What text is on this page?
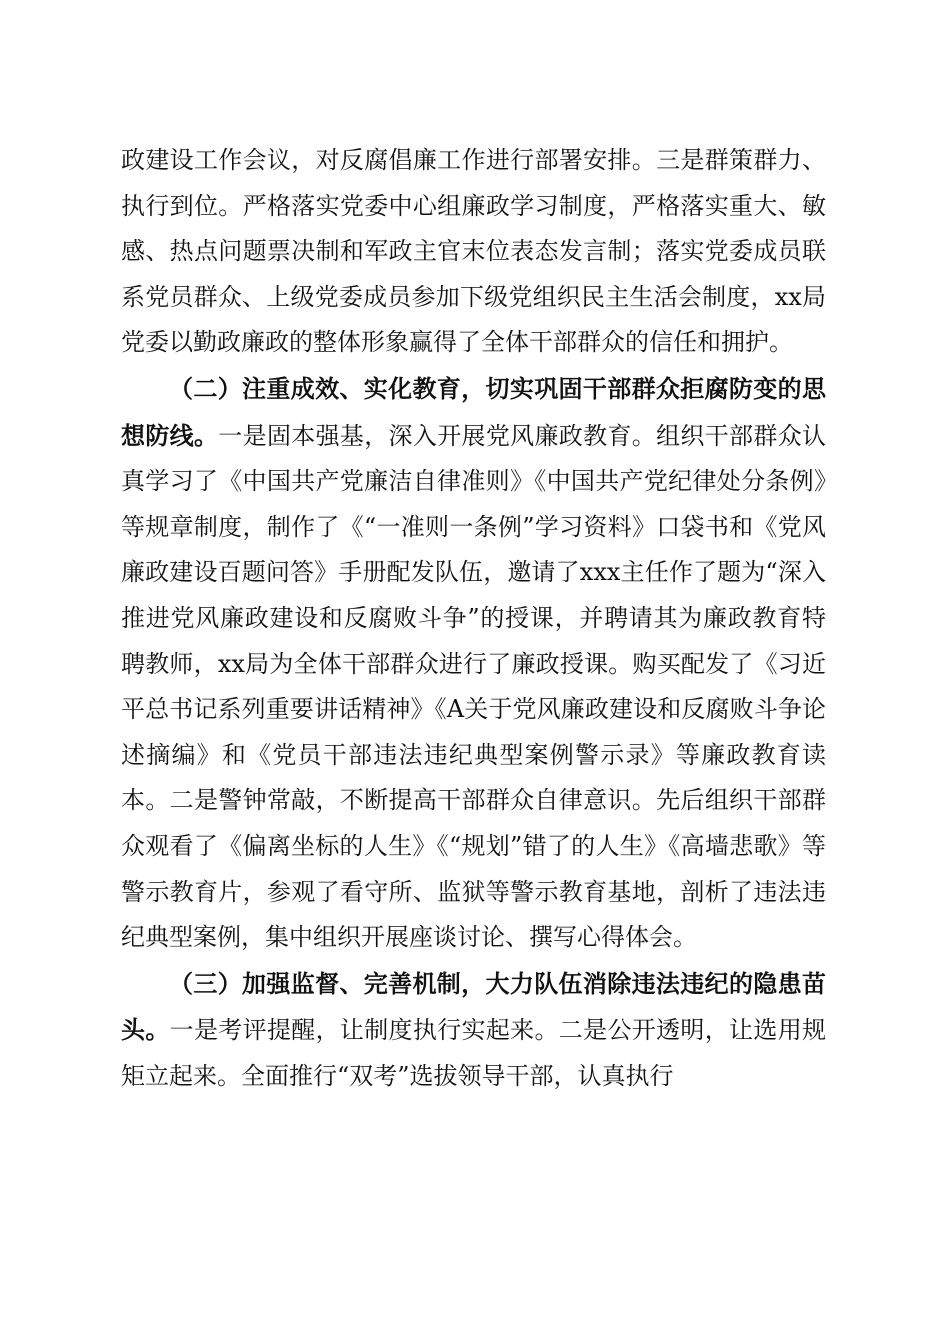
政建设工作会议，对反腐倡廉工作进行部署安排。三是群策群力、执行到位。严格落实党委中心组廉政学习制度，严格落实重大、敏感、热点问题票决制和军政主官末位表态发言制；落实党委成员联系党员群众、上级党委成员参加下级党组织民主生活会制度，xx局党委以勤政廉政的整体形象赢得了全体干部群众的信任和拥护。

（二）注重成效、实化教育，切实巩固干部群众拒腐防变的思想防线。一是固本强基，深入开展党风廉政教育。组织干部群众认真学习了《中国共产党廉洁自律准则》《中国共产党纪律处分条例》等规章制度，制作了《“一准则一条例”学习资料》口袋书和《党风廉政建设百题问答》手册配发队伍，邀请了xxx主任作了题为“深入推进党风廉政建设和反腐败斗争”的授课，并聘请其为廉政教育特聘教师，xx局为全体干部群众进行了廉政授课。购买配发了《习近平总书记系列重要讲话精神》《A关于党风廉政建设和反腐败斗争论述摘编》和《党员干部违法违纪典型案例警示录》等廉政教育读本。二是警钟常敲，不断提高干部群众自律意识。先后组织干部群众观看了《偏离坐标的人生》《“规划”错了的人生》《高墙悲歌》等警示教育片，参观了看守所、监狱等警示教育基地，剖析了违法违纪典型案例，集中组织开展座谈讨论、撰写心得体会。

（三）加强监督、完善机制，大力队伍消除违法违纪的隐患苗头。一是考评提醒，让制度执行实起来。二是公开透明，让选用规矩立起来。全面推行“双考”选拔领导干部，认真执行
